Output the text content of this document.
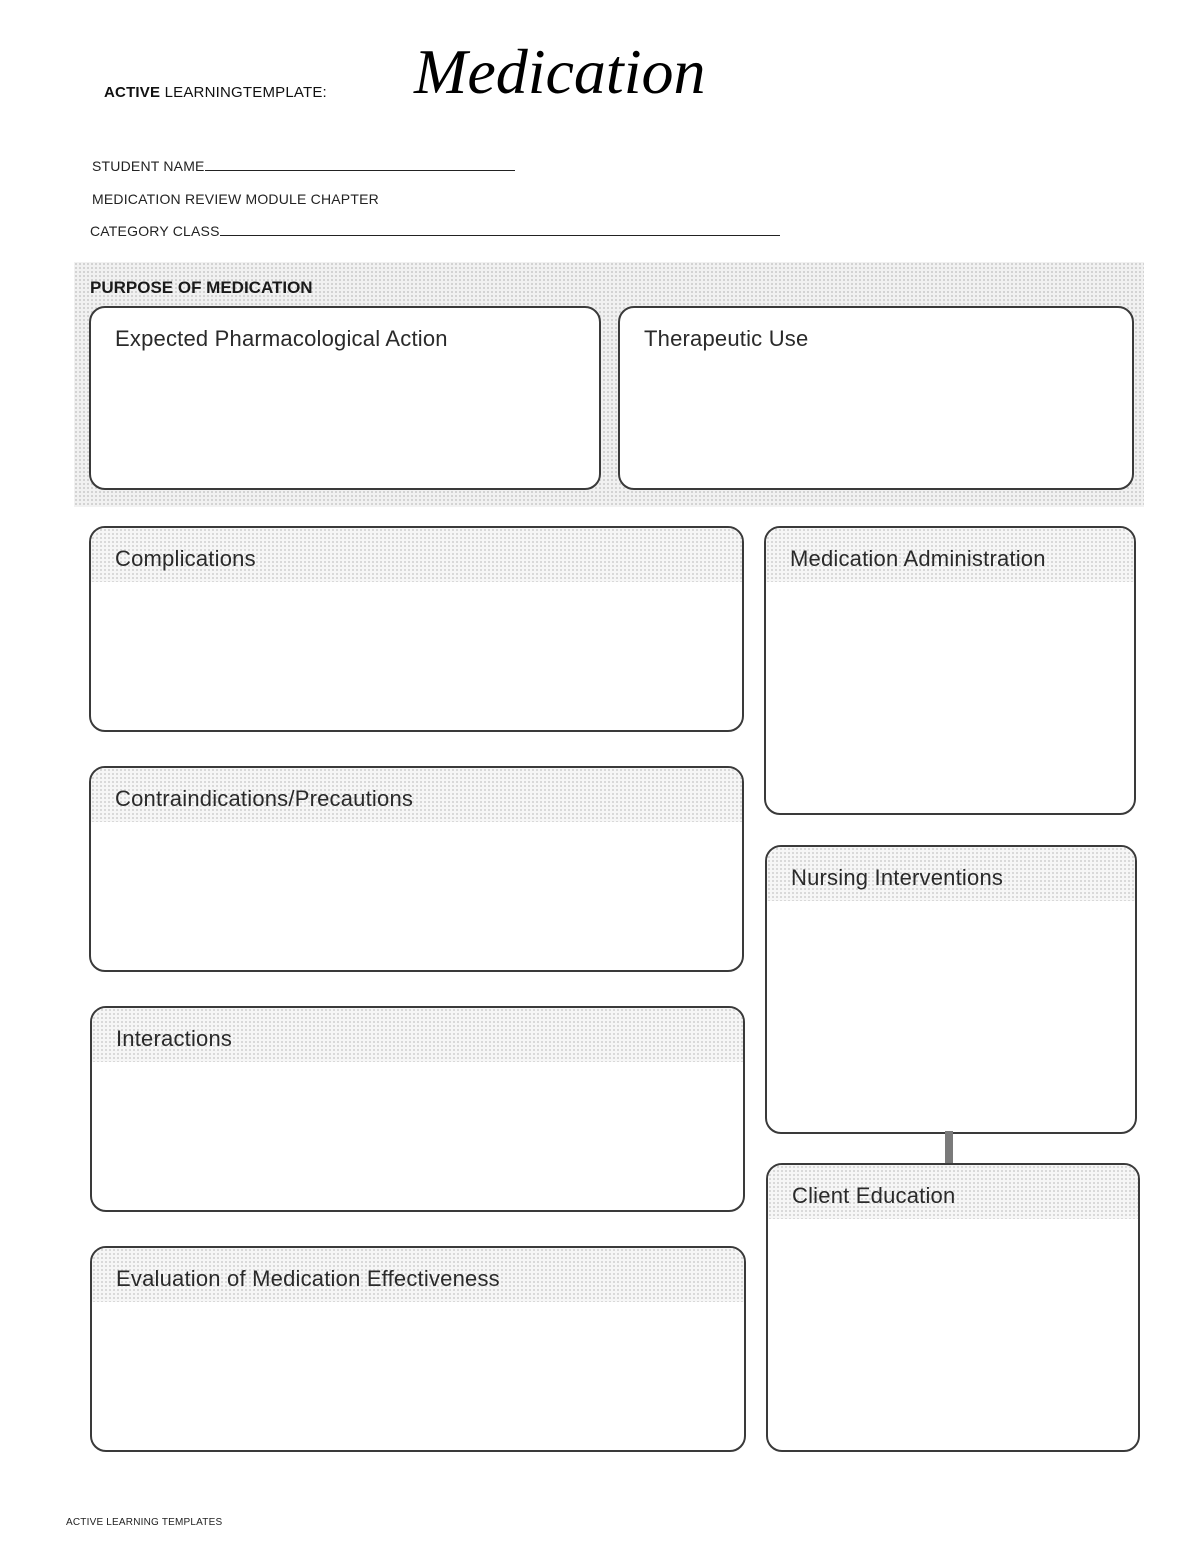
ACTIVE LEARNINGTEMPLATE: Medication
STUDENT NAME
MEDICATION REVIEW MODULE CHAPTER
CATEGORY CLASS
PURPOSE OF MEDICATION
Expected Pharmacological Action	Therapeutic Use
Complications
Contraindications/Precautions
Interactions
Evaluation of Medication Effectiveness
Medication Administration
Nursing Interventions
Client Education
ACTIVE LEARNING TEMPLATES
